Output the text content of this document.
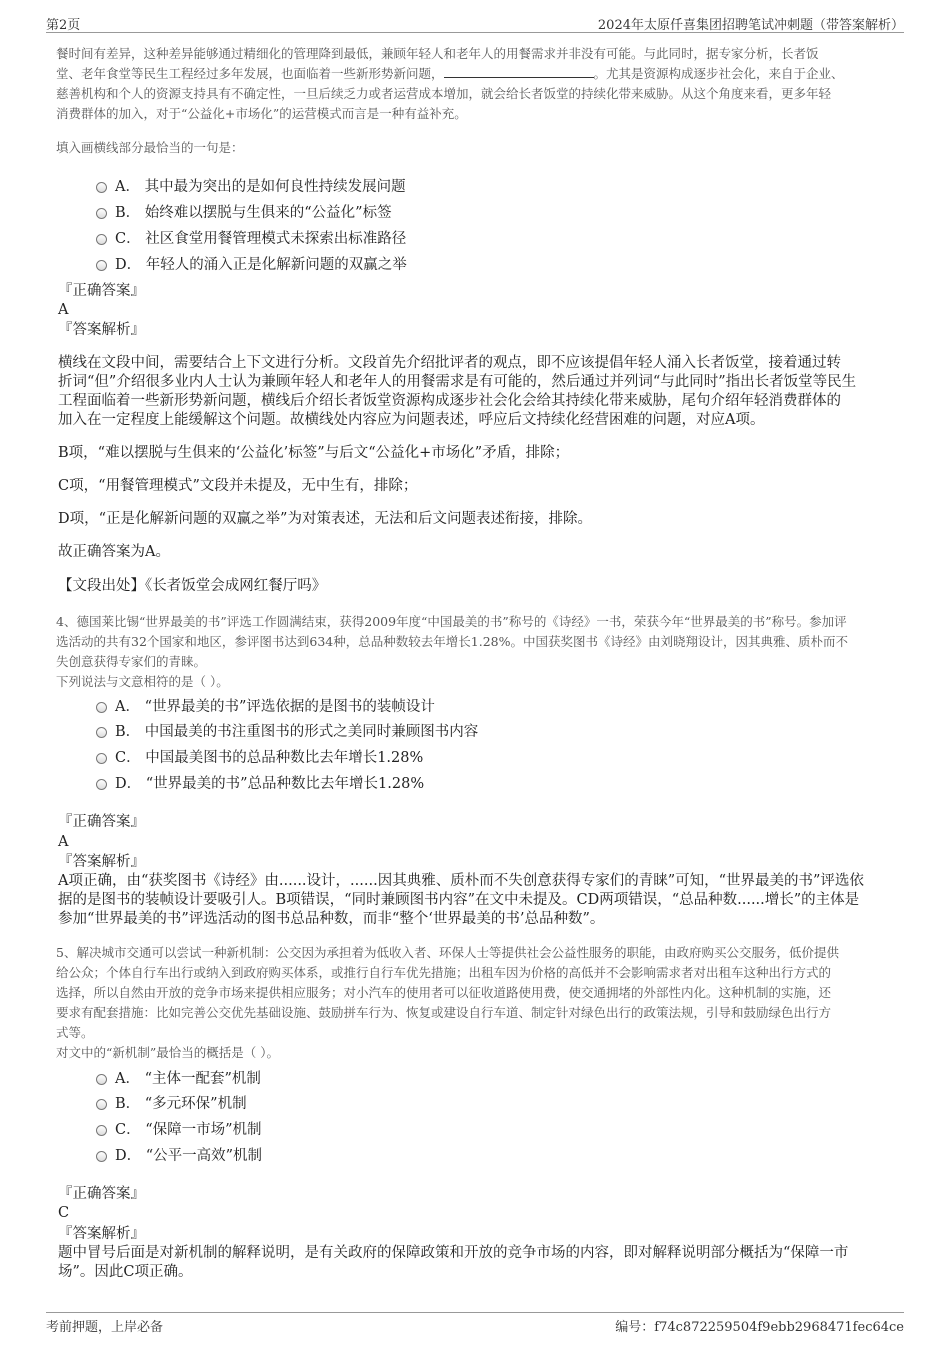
第2页	2024年太原仟喜集团招聘笔试冲刺题（带答案解析）
餐时间有差异，这种差异能够通过精细化的管理降到最低，兼顾年轻人和老年人的用餐需求并非没有可能。与此同时，据专家分析，长者饭
堂、老年食堂等民生工程经过多年发展，也面临着一些新形势新问题，	。尤其是资源构成逐步社会化，来自于企业、
慈善机构和个人的资源支持具有不确定性，一旦后续乏力或者运营成本增加，就会给长者饭堂的持续化带来威胁。从这个角度来看，更多年轻
消费群体的加入，对于“公益化+市场化”的运营模式而言是一种有益补充。
填入画横线部分最恰当的一句是：
A． 其中最为突出的是如何良性持续发展问题
B． 始终难以摆脱与生俱来的“公益化”标签
C． 社区食堂用餐管理模式未探索出标准路径
D． 年轻人的涌入正是化解新问题的双赢之举
『正确答案』
A
『答案解析』
横线在文段中间，需要结合上下文进行分析。文段首先介绍批评者的观点，即不应该提倡年轻人涌入长者饭堂，接着通过转
折词“但”介绍很多业内人士认为兼顾年轻人和老年人的用餐需求是有可能的，然后通过并列词“与此同时”指出长者饭堂等民生
工程面临着一些新形势新问题，横线后介绍长者饭堂资源构成逐步社会化会给其持续化带来威胁，尾句介绍年轻消费群体的
加入在一定程度上能缓解这个问题。故横线处内容应为问题表述，呼应后文持续化经营困难的问题，对应A项。
B项，“难以摆脱与生俱来的‘公益化’标签”与后文“公益化+市场化”矛盾，排除；
C项，“用餐管理模式”文段并未提及，无中生有，排除；
D项，“正是化解新问题的双赢之举”为对策表述，无法和后文问题表述衔接，排除。
故正确答案为A。
【文段出处】《长者饭堂会成网红餐厅吗》
4、德国莱比锡“世界最美的书”评选工作圆满结束，获得2009年度“中国最美的书”称号的《诗经》一书，荣获今年“世界最美的书”称号。参加评
选活动的共有32个国家和地区，参评图书达到634种，总品种数较去年增长1.28%。中国获奖图书《诗经》由刘晓翔设计，因其典雅、质朴而不
失创意获得专家们的青睐。
下列说法与文意相符的是（ ）。
A． “世界最美的书”评选依据的是图书的装帧设计
B． 中国最美的书注重图书的形式之美同时兼顾图书内容
C． 中国最美图书的总品种数比去年增长1.28%
D． “世界最美的书”总品种数比去年增长1.28%
『正确答案』
A
『答案解析』
A项正确，由“获奖图书《诗经》由......设计，......因其典雅、质朴而不失创意获得专家们的青睐”可知，“世界最美的书”评选依
据的是图书的装帧设计要吸引人。B项错误，“同时兼顾图书内容”在文中未提及。CD两项错误，“总品种数......增长”的主体是
参加“世界最美的书”评选活动的图书总品种数，而非“整个‘世界最美的书’总品种数”。
5、解决城市交通可以尝试一种新机制：公交因为承担着为低收入者、环保人士等提供社会公益性服务的职能，由政府购买公交服务，低价提供
给公众；个体自行车出行或纳入到政府购买体系，或推行自行车优先措施；出租车因为价格的高低并不会影响需求者对出租车这种出行方式的
选择，所以自然由开放的竞争市场来提供相应服务；对小汽车的使用者可以征收道路使用费，使交通拥堵的外部性内化。这种机制的实施，还
要求有配套措施：比如完善公交优先基础设施、鼓励拼车行为、恢复或建设自行车道、制定针对绿色出行的政策法规，引导和鼓励绿色出行方
式等。
对文中的“新机制”最恰当的概括是（ ）。
A． “主体一配套”机制
B． “多元环保”机制
C． “保障一市场”机制
D． “公平一高效”机制
『正确答案』
C
『答案解析』
题中冒号后面是对新机制的解释说明，是有关政府的保障政策和开放的竞争市场的内容，即对解释说明部分概括为“保障一市
场”。因此C项正确。
考前押题，上岸必备	编号：f74c872259504f9ebb2968471fec64ce
